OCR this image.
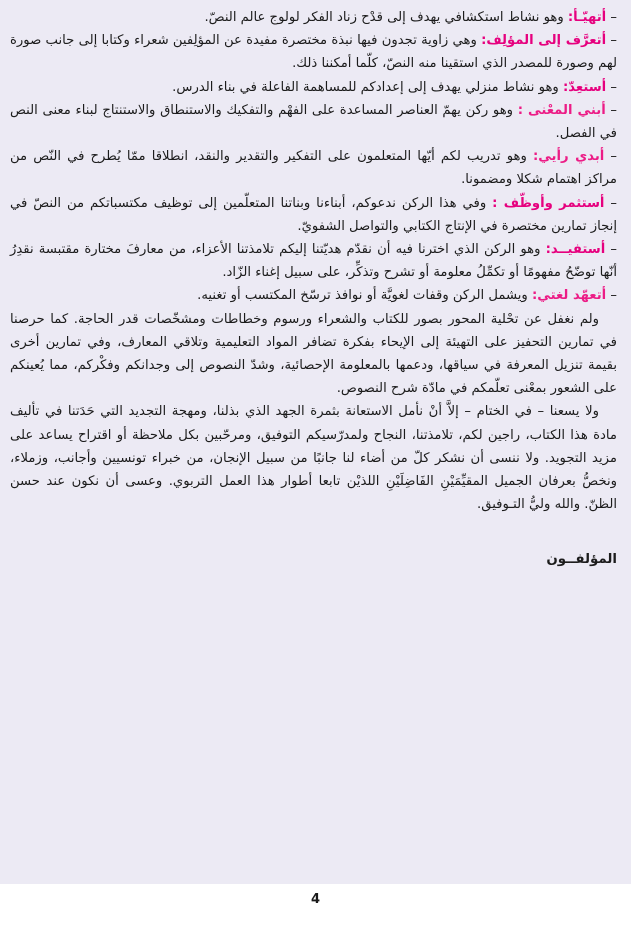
– أتهيّـأ: وهو نشاط استكشافي يهدف إلى قدْح زناد الفكر لولوج عالم النصّ.
– أتعرَّف إلى المؤلِف: وهي زاوية تجدون فيها نبذة مختصرة مفيدة عن المؤلِفين شعراء وكتابا إلى جانب صورة لهم وصورة للمصدر الذي استقينا منه النصّ، كلّما أمكننا ذلك.
– أستعِدّ: وهو نشاط منزلي يهدف إلى إعدادكم للمساهمة الفاعلة في بناء الدرس.
– أبني المعْنى : وهو ركن يهمّ العناصر المساعدة على الفهْم والتفكيك والاستنطاق والاستنتاج لبناء معنى النص في الفصل.
– أبدي رأيي: وهو تدريب لكم أيّها المتعلمون على التفكير والتقدير والنقد، انطلاقا ممّا يُطرح في النّص من مراكز اهتمام شكلا ومضمونا.
– أستثمر وأوظّف : وفي هذا الركن ندعوكم، أبناءنا وبناتنا المتعلّمين إلى توظيف مكتسباتكم من النصّ في إنجاز تمارين مختصرة في الإنتاج الكتابي والتواصل الشفويّ.
– أستفيــد: وهو الركن الذي اخترنا فيه أن نقدّم هديّتنا إليكم تلامذتنا الأعزاء، من معارفَ مختارة مقتبسة نقدِرُ أنّها توضّحُ مفهومًا أو تكمِّلُ معلومة أو تشرح وتذكِّر، على سبيل إغناء الزّاد.
– أتعهّد لغتي: ويشمل الركن وقفات لغويَّة أو نوافذ ترسّخ المكتسب أو تغنيه.
ولم نغفل عن تحْلية المحور بصور للكتاب والشعراء ورسوم وخطاطات ومشخّصات قدر الحاجة. كما حرصنا في تمارين التحفيز على التهيئة إلى الإيحاء بفكرة تضافر المواد التعليمية وتلاقي المعارف، وفي تمارين أخرى بقيمة تنزيل المعرفة في سياقها، ودعمها بالمعلومة الإحصائية، وشدّ النصوص إلى وجدانكم وفكْركم، مما يُعينكم على الشعور بمعْنى تعلّمكم في مادّة شرح النصوص.
ولا يسعنا – في الختام – إلاَّ أنْ نأمل الاستعانة بثمرة الجهد الذي بذلنا، ومهجة التجديد التي حَدَتنا في تأليف مادة هذا الكتاب، راجين لكم، تلامذتنا، النجاح ولمدرّسيكم التوفيق، ومرحّبين بكل ملاحظة أو اقتراح يساعد على مزيد التجويد. ولا ننسى أن نشكر كلّ من أضاء لنا جانبًا من سبيل الإنجان، من خبراء تونسيين وأجانب، وزملاء، ونخصُّ بعرفان الجميل المقيِّمَيْنِ الفَاضِلَيْنِ اللذيْن تابعا أطوار هذا العمل التربوي. وعسى أن نكون عند حسن الظنّ. والله وليُّ التـوفيق.
المؤلفــون
4
